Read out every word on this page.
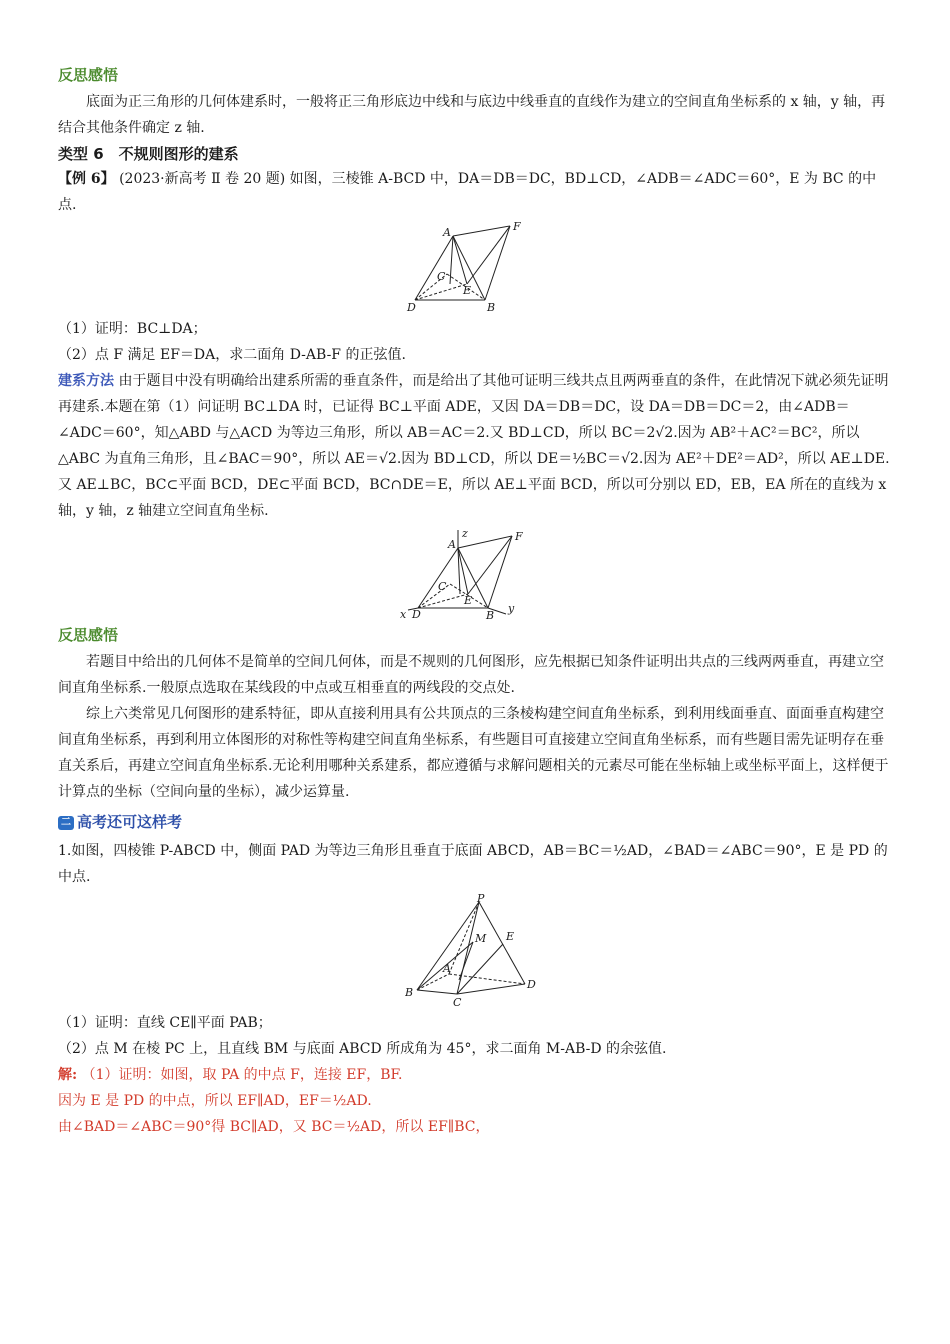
反思感悟

底面为正三角形的几何体建系时，一般将正三角形底边中线和与底边中线垂直的直线作为建立的空间直角坐标系的 x 轴，y 轴，再结合其他条件确定 z 轴.

类型 6　不规则图形的建系

【例 6】 (2023·新高考 Ⅱ 卷 20 题) 如图，三棱锥 A-BCD 中，DA＝DB＝DC，BD⊥CD，∠ADB＝∠ADC＝60°，E 为 BC 的中点.

A	F
C
E
D	B

（1）证明：BC⊥DA；

（2）点 F 满足 EF＝DA，求二面角 D-AB-F 的正弦值.

建系方法 由于题目中没有明确给出建系所需的垂直条件，而是给出了其他可证明三线共点且两两垂直的条件，在此情况下就必须先证明再建系.本题在第（1）问证明 BC⊥DA 时，已证得 BC⊥平面 ADE，又因 DA＝DB＝DC，设 DA＝DB＝DC＝2，由∠ADB＝∠ADC＝60°，知△ABD 与△ACD 为等边三角形，所以 AB＝AC＝2.又 BD⊥CD，所以 BC＝2√2.因为 AB²＋AC²＝BC²，所以△ABC 为直角三角形，且∠BAC＝90°，所以 AE＝√2.因为 BD⊥CD，所以 DE＝½BC＝√2.因为 AE²＋DE²＝AD²，所以 AE⊥DE.又 AE⊥BC，BC⊂平面 BCD，DE⊂平面 BCD，BC∩DE＝E，所以 AE⊥平面 BCD，所以可分别以 ED，EB，EA 所在的直线为 x 轴，y 轴，z 轴建立空间直角坐标.

A
z	F
C
E
x D	B
y
反思感悟

若题目中给出的几何体不是简单的空间几何体，而是不规则的几何图形，应先根据已知条件证明出共点的三线两两垂直，再建立空间直角坐标系.一般原点选取在某线段的中点或互相垂直的两线段的交点处.

综上六类常见几何图形的建系特征，即从直接利用具有公共顶点的三条棱构建空间直角坐标系，到利用线面垂直、面面垂直构建空间直角坐标系，再到利用立体图形的对称性等构建空间直角坐标系，有些题目可直接建立空间直角坐标系，而有些题目需先证明存在垂直关系后，再建立空间直角坐标系.无论利用哪种关系建系，都应遵循与求解问题相关的元素尽可能在坐标轴上或坐标平面上，这样便于计算点的坐标（空间向量的坐标），减少运算量.

二 高考还可这样考

1.如图，四棱锥 P-ABCD 中，侧面 PAD 为等边三角形且垂直于底面 ABCD，AB＝BC＝½AD，∠BAD＝∠ABC＝90°，E 是 PD 的中点.

P
M E
A
B
C
D

（1）证明：直线 CE∥平面 PAB；

（2）点 M 在棱 PC 上，且直线 BM 与底面 ABCD 所成角为 45°，求二面角 M-AB-D 的余弦值.

解: （1）证明：如图，取 PA 的中点 F，连接 EF，BF.

因为 E 是 PD 的中点，所以 EF∥AD，EF＝½AD.

由∠BAD＝∠ABC＝90°得 BC∥AD，又 BC＝½AD，所以 EF∥BC，
